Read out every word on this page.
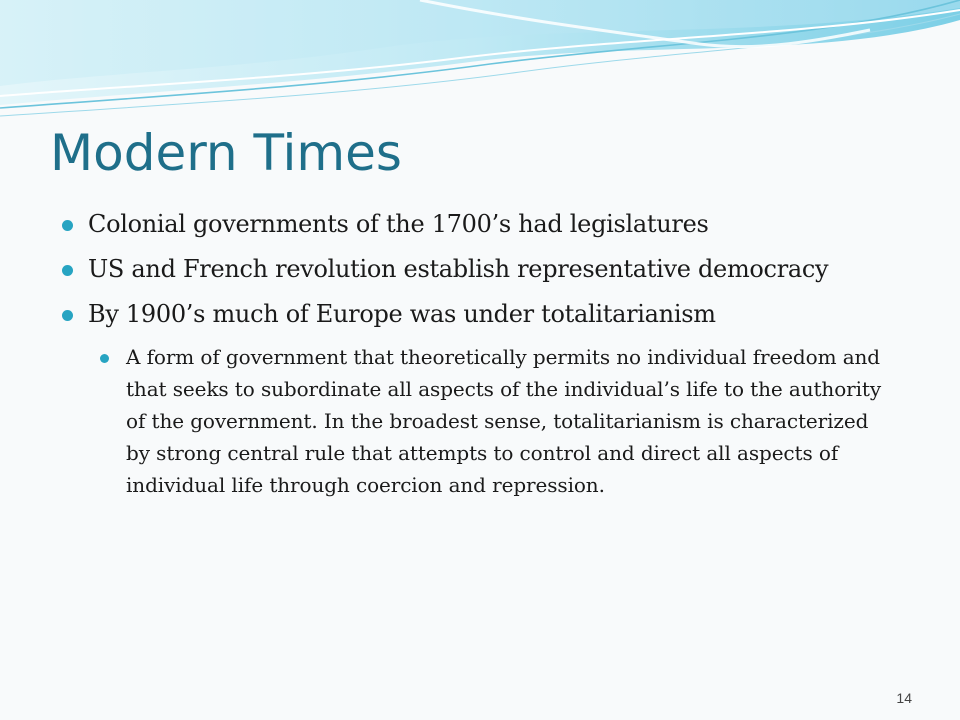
Modern Times
Colonial governments of the 1700’s had legislatures
US and French revolution establish representative democracy
By 1900’s much of Europe was under totalitarianism
A form of government that theoretically permits no individual freedom and that seeks to subordinate all aspects of the individual’s life to the authority of the government. In the broadest sense, totalitarianism is characterized by strong central rule that attempts to control and direct all aspects of individual life through coercion and repression.
14
